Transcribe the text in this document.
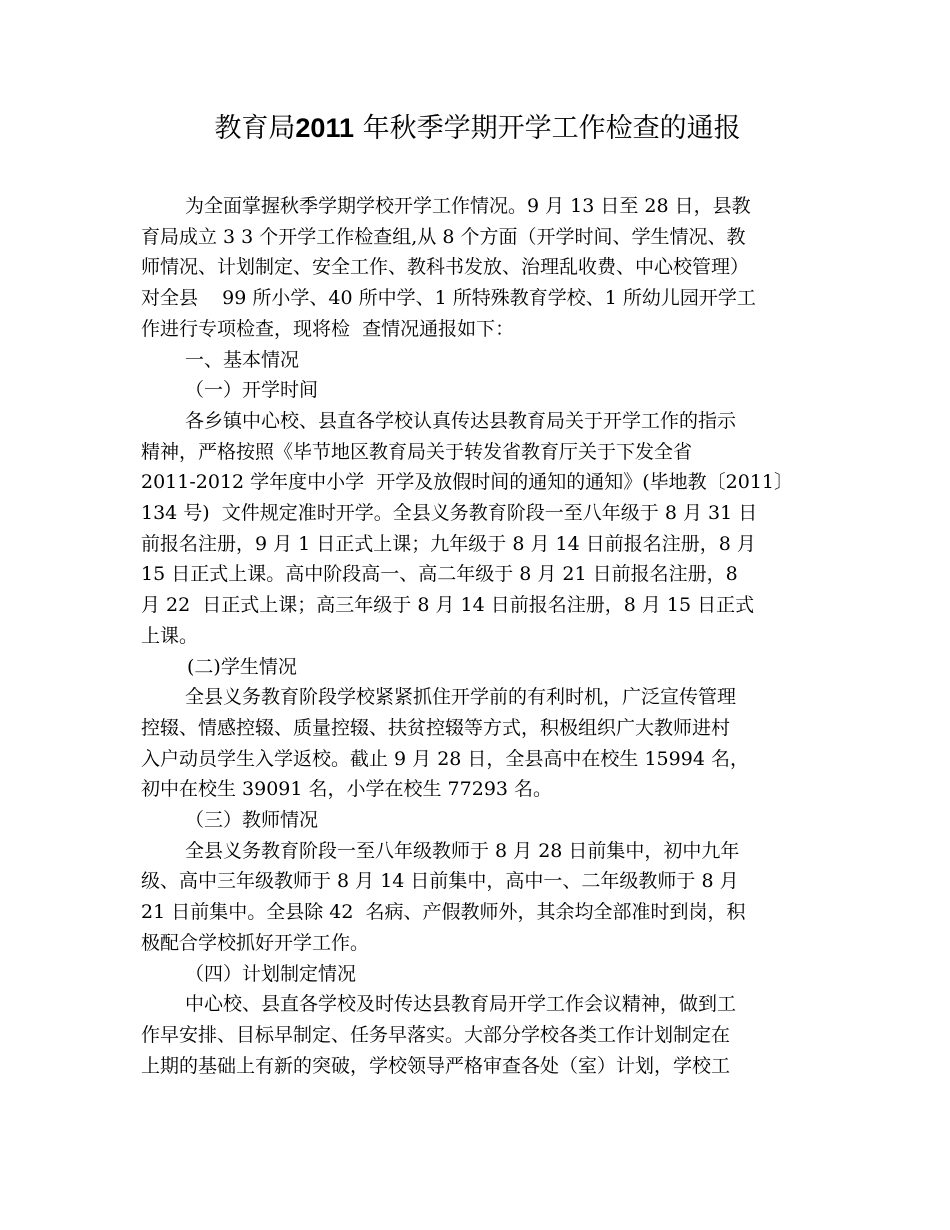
教育局2011 年秋季学期开学工作检查的通报

为全面掌握秋季学期学校开学工作情况。9 月 13 日至 28 日，县教
育局成立 3 3 个开学工作检查组,从 8 个方面（开学时间、学生情况、教
师情况、计划制定、安全工作、教科书发放、治理乱收费、中心校管理）
对全县    99 所小学、40 所中学、1 所特殊教育学校、1 所幼儿园开学工
作进行专项检查，现将检  查情况通报如下：

一、基本情况

（一）开学时间

各乡镇中心校、县直各学校认真传达县教育局关于开学工作的指示
精神，严格按照《毕节地区教育局关于转发省教育厅关于下发全省
2011-2012 学年度中小学  开学及放假时间的通知的通知》(毕地教〔2011〕
134 号)  文件规定准时开学。全县义务教育阶段一至八年级于 8 月 31 日
前报名注册，9 月 1 日正式上课；九年级于 8 月 14 日前报名注册，8 月
15 日正式上课。高中阶段高一、高二年级于 8 月 21 日前报名注册，8
月 22  日正式上课；高三年级于 8 月 14 日前报名注册，8 月 15 日正式
上课。

(二)学生情况

全县义务教育阶段学校紧紧抓住开学前的有利时机，广泛宣传管理
控辍、情感控辍、质量控辍、扶贫控辍等方式，积极组织广大教师进村
入户动员学生入学返校。截止 9 月 28 日，全县高中在校生 15994 名，
初中在校生 39091 名，小学在校生 77293 名。

（三）教师情况

全县义务教育阶段一至八年级教师于 8 月 28 日前集中，初中九年
级、高中三年级教师于 8 月 14 日前集中，高中一、二年级教师于 8 月
21 日前集中。全县除 42  名病、产假教师外，其余均全部准时到岗，积
极配合学校抓好开学工作。

（四）计划制定情况

中心校、县直各学校及时传达县教育局开学工作会议精神，做到工
作早安排、目标早制定、任务早落实。大部分学校各类工作计划制定在
上期的基础上有新的突破，学校领导严格审查各处（室）计划，学校工
